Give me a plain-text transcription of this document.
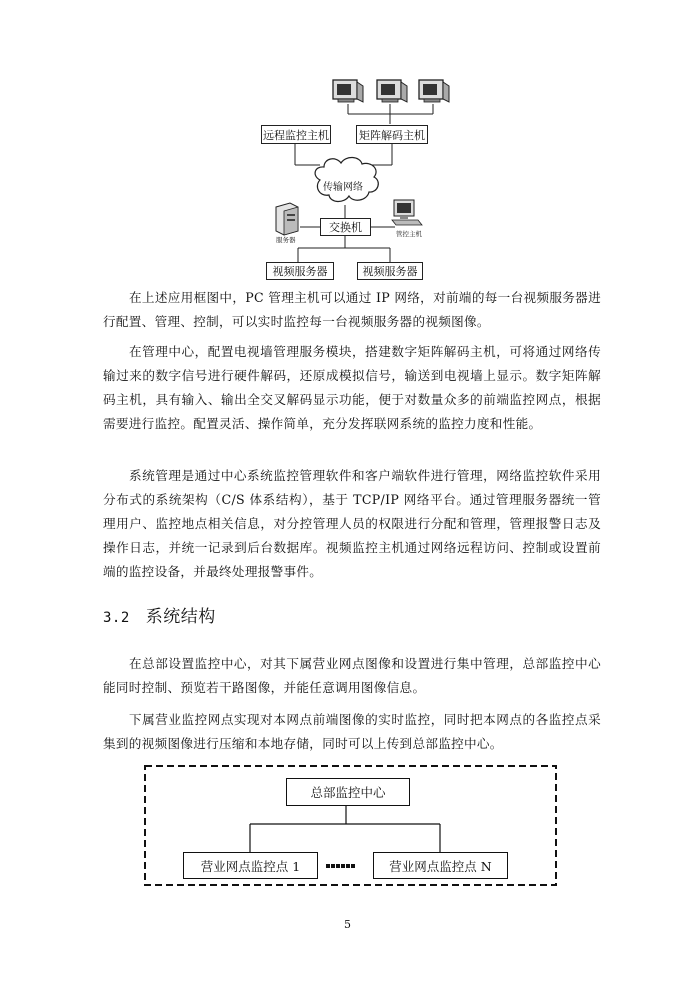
远程监控主机	矩阵解码主机
传输网络
交换机
服务器
管控主机
视频服务器	视频服务器
在上述应用框图中，PC 管理主机可以通过 IP 网络，对前端的每一台视频服务器进行配置、管理、控制，可以实时监控每一台视频服务器的视频图像。
在管理中心，配置电视墙管理服务模块，搭建数字矩阵解码主机，可将通过网络传输过来的数字信号进行硬件解码，还原成模拟信号，输送到电视墙上显示。数字矩阵解码主机，具有输入、输出全交叉解码显示功能，便于对数量众多的前端监控网点，根据需要进行监控。配置灵活、操作简单，充分发挥联网系统的监控力度和性能。
系统管理是通过中心系统监控管理软件和客户端软件进行管理，网络监控软件采用分布式的系统架构（C/S 体系结构），基于 TCP/IP 网络平台。通过管理服务器统一管理用户、监控地点相关信息，对分控管理人员的权限进行分配和管理，管理报警日志及操作日志，并统一记录到后台数据库。视频监控主机通过网络远程访问、控制或设置前端的监控设备，并最终处理报警事件。
3.2 系统结构
在总部设置监控中心，对其下属营业网点图像和设置进行集中管理，总部监控中心能同时控制、预览若干路图像，并能任意调用图像信息。
下属营业监控网点实现对本网点前端图像的实时监控，同时把本网点的各监控点采集到的视频图像进行压缩和本地存储，同时可以上传到总部监控中心。
总部监控中心
营业网点监控点 1	营业网点监控点 N
5
